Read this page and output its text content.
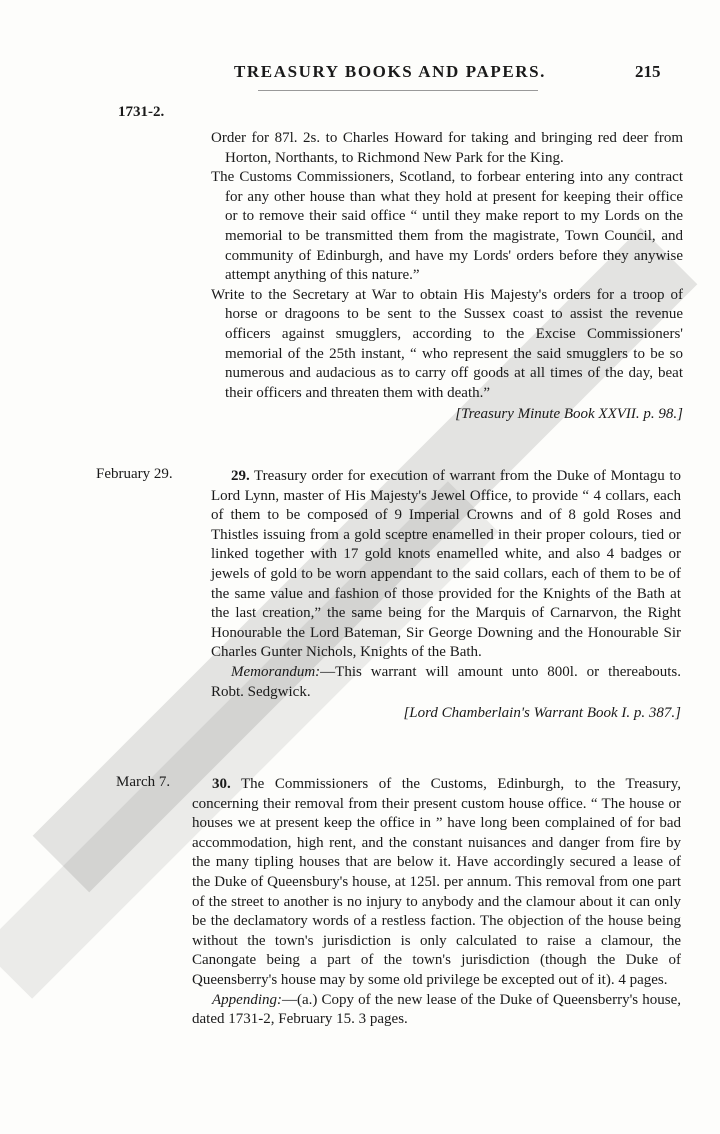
TREASURY BOOKS AND PAPERS.	215
1731-2.

Order for 87l. 2s. to Charles Howard for taking and bringing red deer from Horton, Northants, to Richmond New Park for the King.

The Customs Commissioners, Scotland, to forbear entering into any contract for any other house than what they hold at present for keeping their office or to remove their said office “ until they make report to my Lords on the memorial to be transmitted them from the magistrate, Town Council, and community of Edinburgh, and have my Lords' orders before they anywise attempt anything of this nature.”

Write to the Secretary at War to obtain His Majesty's orders for a troop of horse or dragoons to be sent to the Sussex coast to assist the revenue officers against smugglers, according to the Excise Commissioners' memorial of the 25th instant, “ who represent the said smugglers to be so numerous and audacious as to carry off goods at all times of the day, beat their officers and threaten them with death.”

[Treasury Minute Book XXVII. p. 98.]

February 29.	29. Treasury order for execution of warrant from the Duke of Montagu to Lord Lynn, master of His Majesty's Jewel Office, to provide “ 4 collars, each of them to be composed of 9 Imperial Crowns and of 8 gold Roses and Thistles issuing from a gold sceptre enamelled in their proper colours, tied or linked together with 17 gold knots enamelled white, and also 4 badges or jewels of gold to be worn appendant to the said collars, each of them to be of the same value and fashion of those provided for the Knights of the Bath at the last creation,” the same being for the Marquis of Carnarvon, the Right Honourable the Lord Bateman, Sir George Downing and the Honourable Sir Charles Gunter Nichols, Knights of the Bath.

Memorandum:—This warrant will amount unto 800l. or thereabouts. Robt. Sedgwick.

[Lord Chamberlain's Warrant Book I. p. 387.]

March 7.	30. The Commissioners of the Customs, Edinburgh, to the Treasury, concerning their removal from their present custom house office. “ The house or houses we at present keep the office in ” have long been complained of for bad accommodation, high rent, and the constant nuisances and danger from fire by the many tipling houses that are below it. Have accordingly secured a lease of the Duke of Queensbury's house, at 125l. per annum. This removal from one part of the street to another is no injury to anybody and the clamour about it can only be the declamatory words of a restless faction. The objection of the house being without the town's jurisdiction is only calculated to raise a clamour, the Canongate being a part of the town's jurisdiction (though the Duke of Queensberry's house may by some old privilege be excepted out of it). 4 pages.

Appending:—(a.) Copy of the new lease of the Duke of Queensberry's house, dated 1731-2, February 15. 3 pages.
